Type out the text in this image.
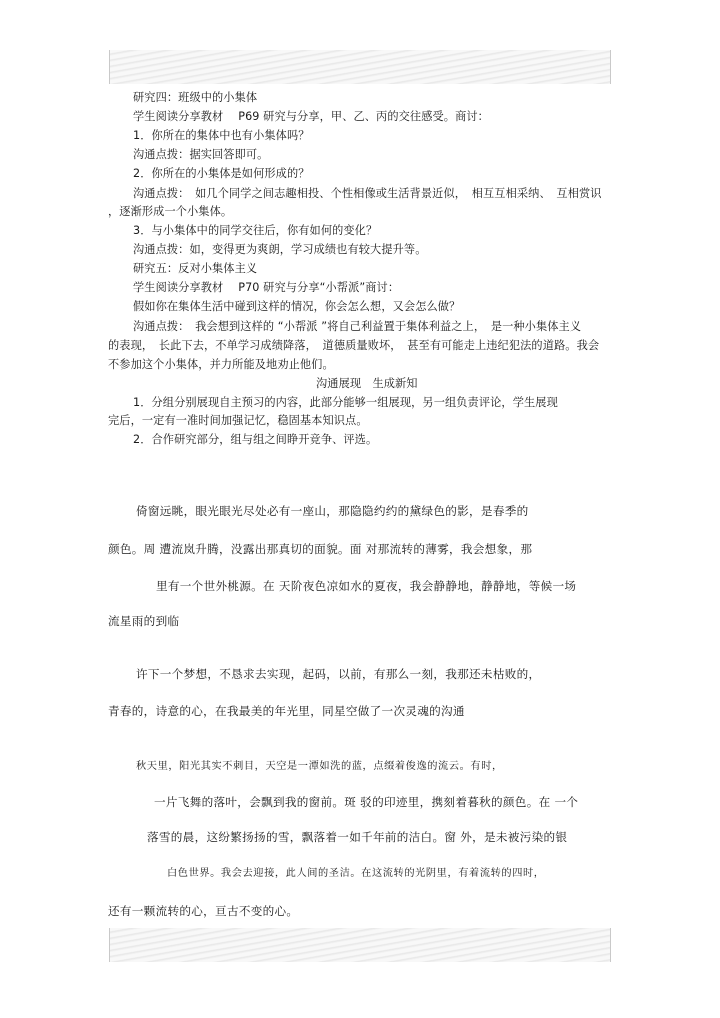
研究四：班级中的小集体
学生阅读分享教材　 P69 研究与分享，甲、乙、丙的交往感受。商讨：
1．你所在的集体中也有小集体吗？
沟通点拨：据实回答即可。
2．你所在的小集体是如何形成的？
沟通点拨：　如几个同学之间志趣相投、个性相像或生活背景近似，　相互互相采纳、　互相赏识
，逐渐形成一个小集体。
3．与小集体中的同学交往后，你有如何的变化？
沟通点拨：如，变得更为爽朗，学习成绩也有较大提升等。
研究五：反对小集体主义
学生阅读分享教材　 P70 研究与分享“小帮派”商讨：
假如你在集体生活中碰到这样的情况，你会怎么想，又会怎么做？
沟通点拨：　我会想到这样的 “小帮派 ”将自己利益置于集体利益之上，　是一种小集体主义
的表现，　长此下去，不单学习成绩降落，　道德质量败坏，　甚至有可能走上违纪犯法的道路。我会
不参加这个小集体，并力所能及地劝止他们。
沟通展现　生成新知
1．分组分别展现自主预习的内容，此部分能够一组展现，另一组负责评论，学生展现
完后，一定有一准时间加强记忆，稳固基本知识点。
2．合作研究部分，组与组之间睁开竞争、评选。
倚窗远眺，眼光眼光尽处必有一座山，那隐隐约约的黛绿色的影，是春季的
颜色。周 遭流岚升腾，没露出那真切的面貌。面 对那流转的薄雾，我会想象，那
里有一个世外桃源。在 天阶夜色凉如水的夏夜，我会静静地，静静地，等候一场
流星雨的到临
许下一个梦想，不恳求去实现，起码，以前，有那么一刻，我那还未枯败的，
青春的，诗意的心，在我最美的年光里，同星空做了一次灵魂的沟通
秋天里，阳光其实不刺目，天空是一潭如洗的蓝，点缀着俊逸的流云。有时，
一片飞舞的落叶，会飘到我的窗前。斑 驳的印迹里，携刻着暮秋的颜色。在 一个
落雪的晨，这纷繁扬扬的雪，飘落着一如千年前的洁白。窗 外，是未被污染的银
白色世界。我会去迎接，此人间的圣洁。在这流转的光阴里，有着流转的四时，
还有一颗流转的心，亘古不变的心。
